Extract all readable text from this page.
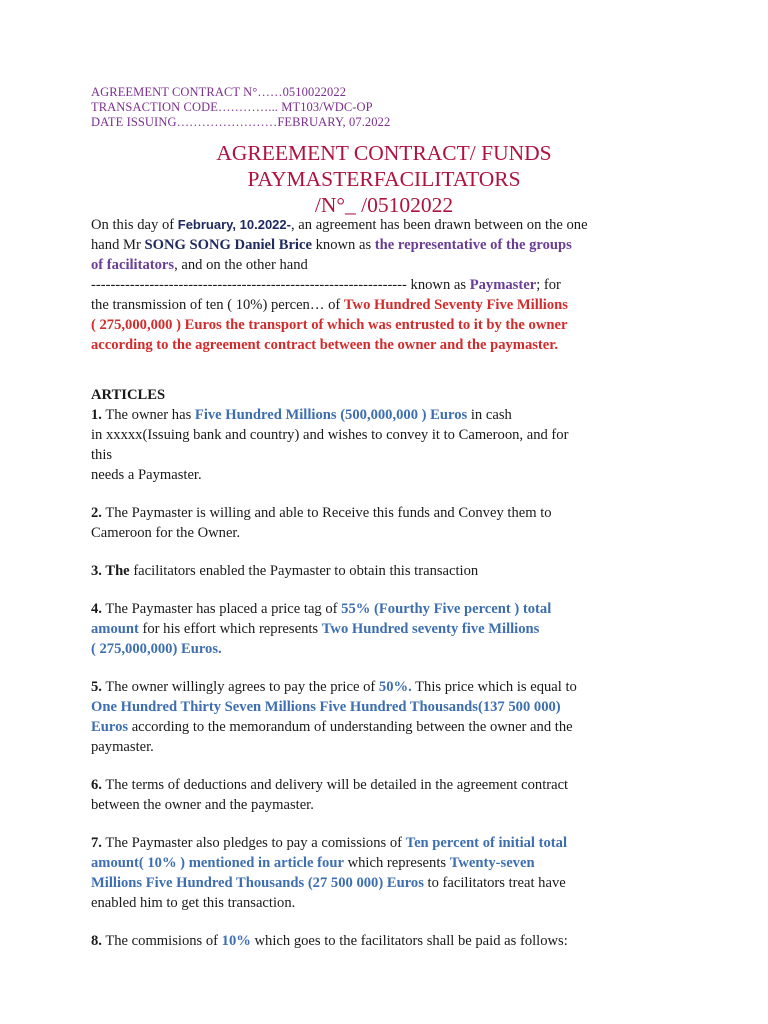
AGREEMENT CONTRACT N°……0510022022
TRANSACTION CODE…………... MT103/WDC-OP
DATE ISSUING……………………FEBRUARY, 07.2022
AGREEMENT CONTRACT/ FUNDS
PAYMASTERFACILITATORS
/N°_ /05102022
On this day of February, 10.2022-, an agreement has been drawn between on the one
hand Mr SONG SONG Daniel Brice known as the representative of the groups
of facilitators, and on the other hand
----------------------------------------------------------------- known as Paymaster; for
the transmission of ten ( 10%) percen… of Two Hundred Seventy Five Millions
( 275,000,000 ) Euros the transport of which was entrusted to it by the owner
according to the agreement contract between the owner and the paymaster.
ARTICLES
1. The owner has Five Hundred Millions (500,000,000 ) Euros in cash
in xxxxx(Issuing bank and country) and wishes to convey it to Cameroon, and for
this
needs a Paymaster.
2. The Paymaster is willing and able to Receive this funds and Convey them to
Cameroon for the Owner.
3. The facilitators enabled the Paymaster to obtain this transaction
4. The Paymaster has placed a price tag of 55% (Fourthy Five percent ) total
amount for his effort which represents Two Hundred seventy five Millions
( 275,000,000) Euros.
5. The owner willingly agrees to pay the price of 50%. This price which is equal to
One Hundred Thirty Seven Millions Five Hundred Thousands(137 500 000)
Euros according to the memorandum of understanding between the owner and the
paymaster.
6. The terms of deductions and delivery will be detailed in the agreement contract
between the owner and the paymaster.
7. The Paymaster also pledges to pay a comissions of Ten percent of initial total
amount( 10% ) mentioned in article four which represents Twenty-seven
Millions Five Hundred Thousands (27 500 000) Euros to facilitators treat have
enabled him to get this transaction.
8. The commisions of 10% which goes to the facilitators shall be paid as follows:
